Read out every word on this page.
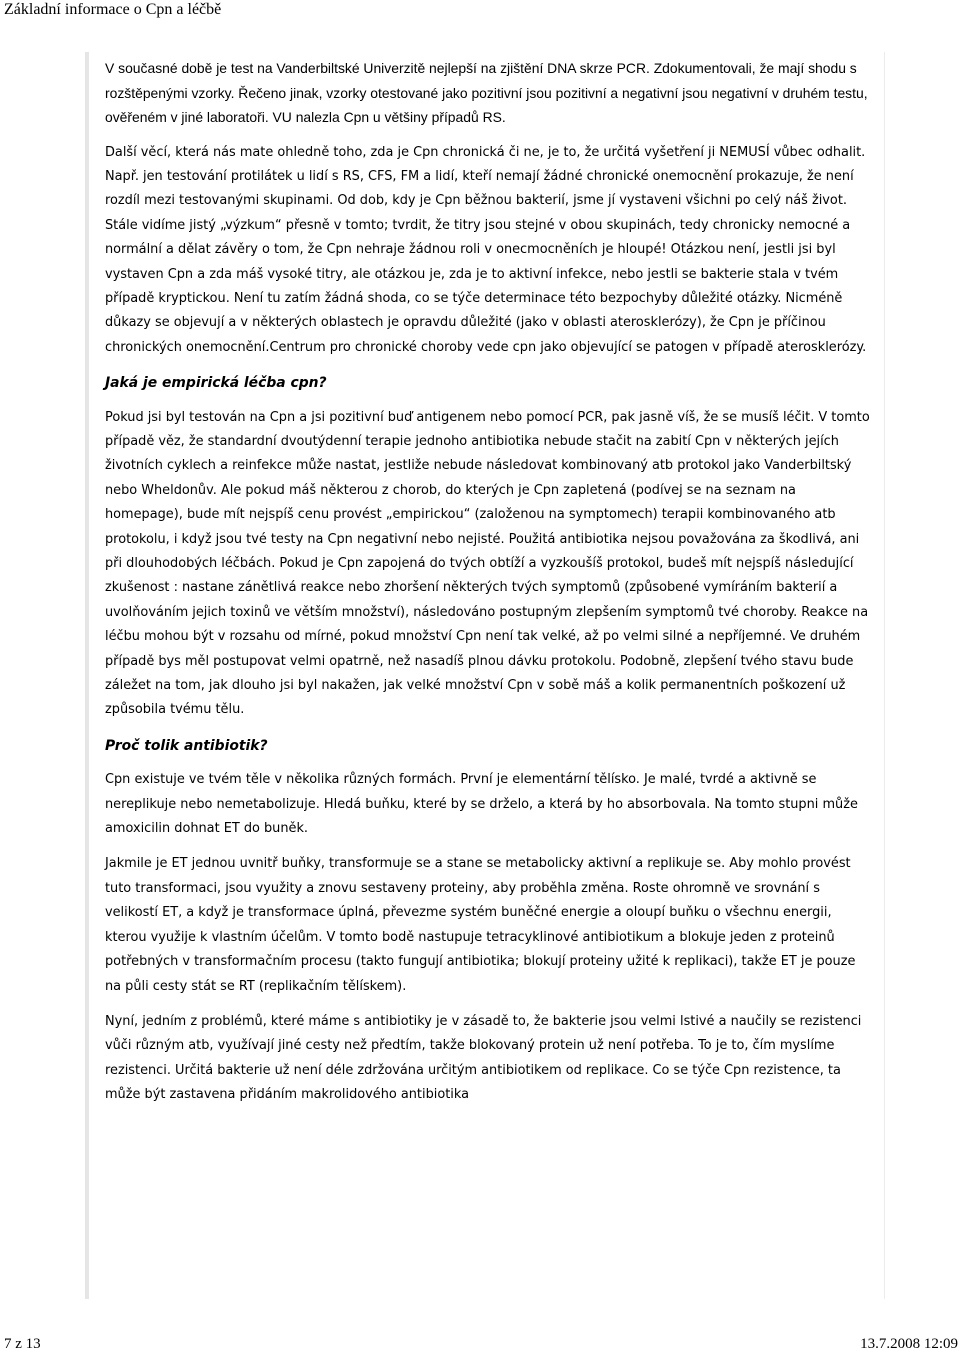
Základní informace o Cpn a léčbě

V současné době je test na Vanderbiltské Univerzitě nejlepší na zjištění DNA skrze PCR. Zdokumentovali, že mají shodu s rozštěpenými vzorky. Řečeno jinak, vzorky otestované jako pozitivní jsou pozitivní a negativní jsou negativní v druhém testu, ověřeném v jiné laboratoři. VU nalezla Cpn u většiny případů RS.

Další věcí, která nás mate ohledně toho, zda je Cpn chronická či ne, je to, že určitá vyšetření ji NEMUSÍ vůbec odhalit. Např. jen testování protilátek u lidí s RS, CFS, FM a lidí, kteří nemají žádné chronické onemocnění prokazuje, že není rozdíl mezi testovanými skupinami. Od dob, kdy je Cpn běžnou bakterií, jsme jí vystaveni všichni po celý náš život. Stále vidíme jistý „výzkum“ přesně v tomto; tvrdit, že titry jsou stejné v obou skupinách, tedy chronicky nemocné a normální a dělat závěry o tom, že Cpn nehraje žádnou roli v onecmocněních je hloupé! Otázkou není, jestli jsi byl vystaven Cpn a zda máš vysoké titry, ale otázkou je, zda je to aktivní infekce, nebo jestli se bakterie stala v tvém případě kryptickou. Není tu zatím žádná shoda, co se týče determinace této bezpochyby důležité otázky. Nicméně důkazy se objevují a v některých oblastech je opravdu důležité (jako v oblasti aterosklerózy), že Cpn je příčinou chronických onemocnění.Centrum pro chronické choroby vede cpn jako objevující se patogen v případě aterosklerózy.

Jaká je empirická léčba cpn?

Pokud jsi byl testován na Cpn a jsi pozitivní buď antigenem nebo pomocí PCR, pak jasně víš, že se musíš léčit. V tomto případě věz, že standardní dvoutýdenní terapie jednoho antibiotika nebude stačit na zabití Cpn v některých jejích životních cyklech a reinfekce může nastat, jestliže nebude následovat kombinovaný atb protokol jako Vanderbiltský nebo Wheldonův. Ale pokud máš některou z chorob, do kterých je Cpn zapletená (podívej se na seznam na homepage), bude mít nejspíš cenu provést „empirickou“ (založenou na symptomech) terapii kombinovaného atb protokolu, i když jsou tvé testy na Cpn negativní nebo nejisté. Použitá antibiotika nejsou považována za škodlivá, ani při dlouhodobých léčbách. Pokud je Cpn zapojená do tvých obtíží a vyzkoušíš protokol, budeš mít nejspíš následující zkušenost : nastane zánětlivá reakce nebo zhoršení některých tvých symptomů (způsobené vymíráním bakterií a uvolňováním jejich toxinů ve větším množství), následováno postupným zlepšením symptomů tvé choroby. Reakce na léčbu mohou být v rozsahu od mírné, pokud množství Cpn není tak velké, až po velmi silné a nepříjemné. Ve druhém případě bys měl postupovat velmi opatrně, než nasadíš plnou dávku protokolu. Podobně, zlepšení tvého stavu bude záležet na tom, jak dlouho jsi byl nakažen, jak velké množství Cpn v sobě máš a kolik permanentních poškození už způsobila tvému tělu.

Proč tolik antibiotik?

Cpn existuje ve tvém těle v několika různých formách. První je elementární tělísko. Je malé, tvrdé a aktivně se nereplikuje nebo nemetabolizuje. Hledá buňku, které by se drželo, a která by ho absorbovala. Na tomto stupni může amoxicilin dohnat ET do buněk.

Jakmile je ET jednou uvnitř buňky, transformuje se a stane se metabolicky aktivní a replikuje se. Aby mohlo provést tuto transformaci, jsou využity a znovu sestaveny proteiny, aby proběhla změna. Roste ohromně ve srovnání s velikostí ET, a když je transformace úplná, převezme systém buněčné energie a oloupí buňku o všechnu energii, kterou využije k vlastním účelům. V tomto bodě nastupuje tetracyklinové antibiotikum a blokuje jeden z proteinů potřebných v transformačním procesu (takto fungují antibiotika; blokují proteiny užité k replikaci), takže ET je pouze na půli cesty stát se RT (replikačním tělískem).

Nyní, jedním z problémů, které máme s antibiotiky je v zásadě to, že bakterie jsou velmi lstivé a naučily se rezistenci vůči různým atb, využívají jiné cesty než předtím, takže blokovaný protein už není potřeba. To je to, čím myslíme rezistenci. Určitá bakterie už není déle zdržována určitým antibiotikem od replikace. Co se týče Cpn rezistence, ta může být zastavena přidáním makrolidového antibiotika

7 z 13	13.7.2008 12:09
